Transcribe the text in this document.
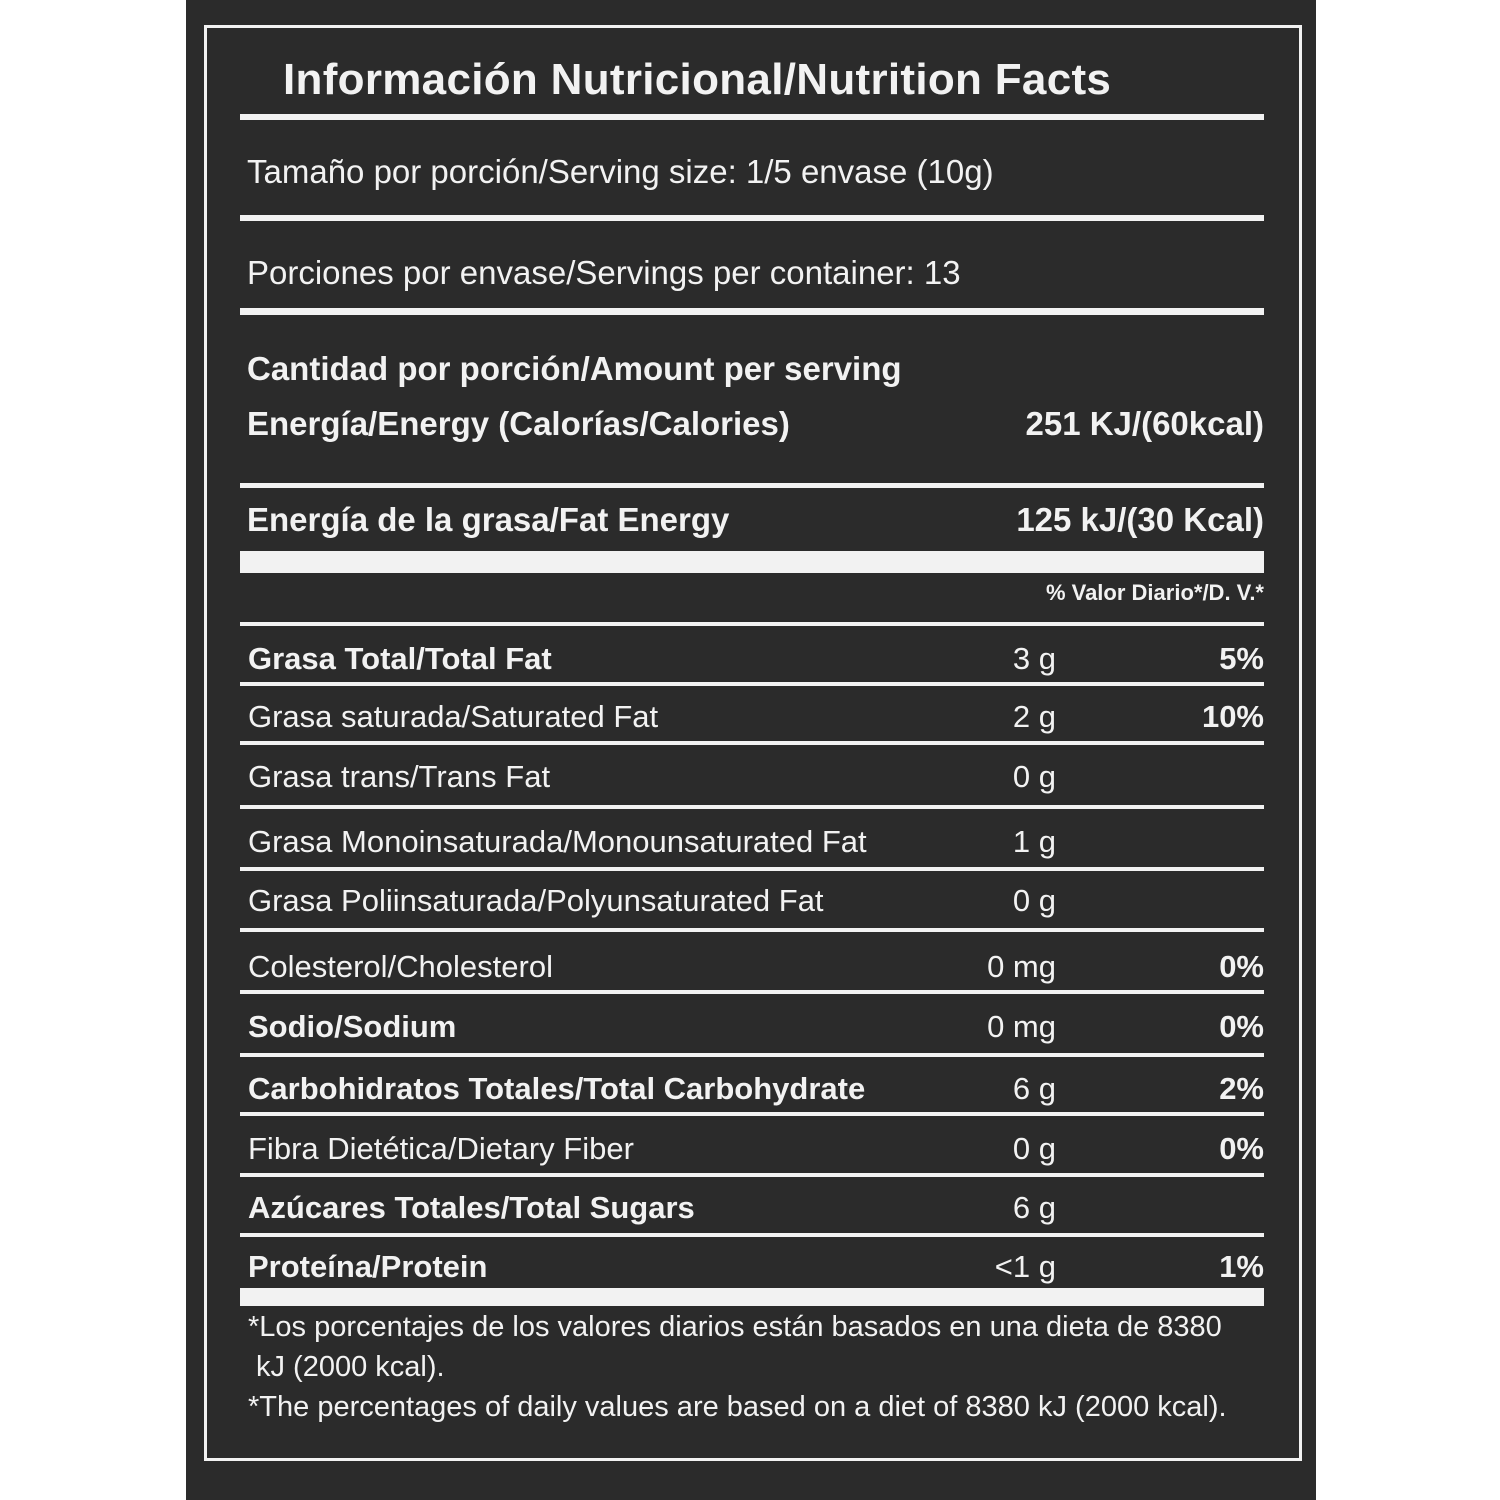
Información Nutricional/Nutrition Facts
Tamaño por porción/Serving size: 1/5 envase (10g)
Porciones por envase/Servings per container: 13
Cantidad por porción/Amount per serving
Energía/Energy (Calorías/Calories)	251 KJ/(60kcal)
Energía de la grasa/Fat Energy	125 kJ/(30 Kcal)
% Valor Diario*/D. V.*
Grasa Total/Total Fat	3 g	5%
Grasa saturada/Saturated Fat	2 g	10%
Grasa trans/Trans Fat	0 g
Grasa Monoinsaturada/Monounsaturated Fat	1 g
Grasa Poliinsaturada/Polyunsaturated Fat	0 g
Colesterol/Cholesterol	0 mg	0%
Sodio/Sodium	0 mg	0%
Carbohidratos Totales/Total Carbohydrate	6 g	2%
Fibra Dietética/Dietary Fiber	0 g	0%
Azúcares Totales/Total Sugars	6 g
Proteína/Protein	<1 g	1%
*Los porcentajes de los valores diarios están basados en una dieta de 8380
kJ (2000 kcal).
*The percentages of daily values are based on a diet of 8380 kJ (2000 kcal).
